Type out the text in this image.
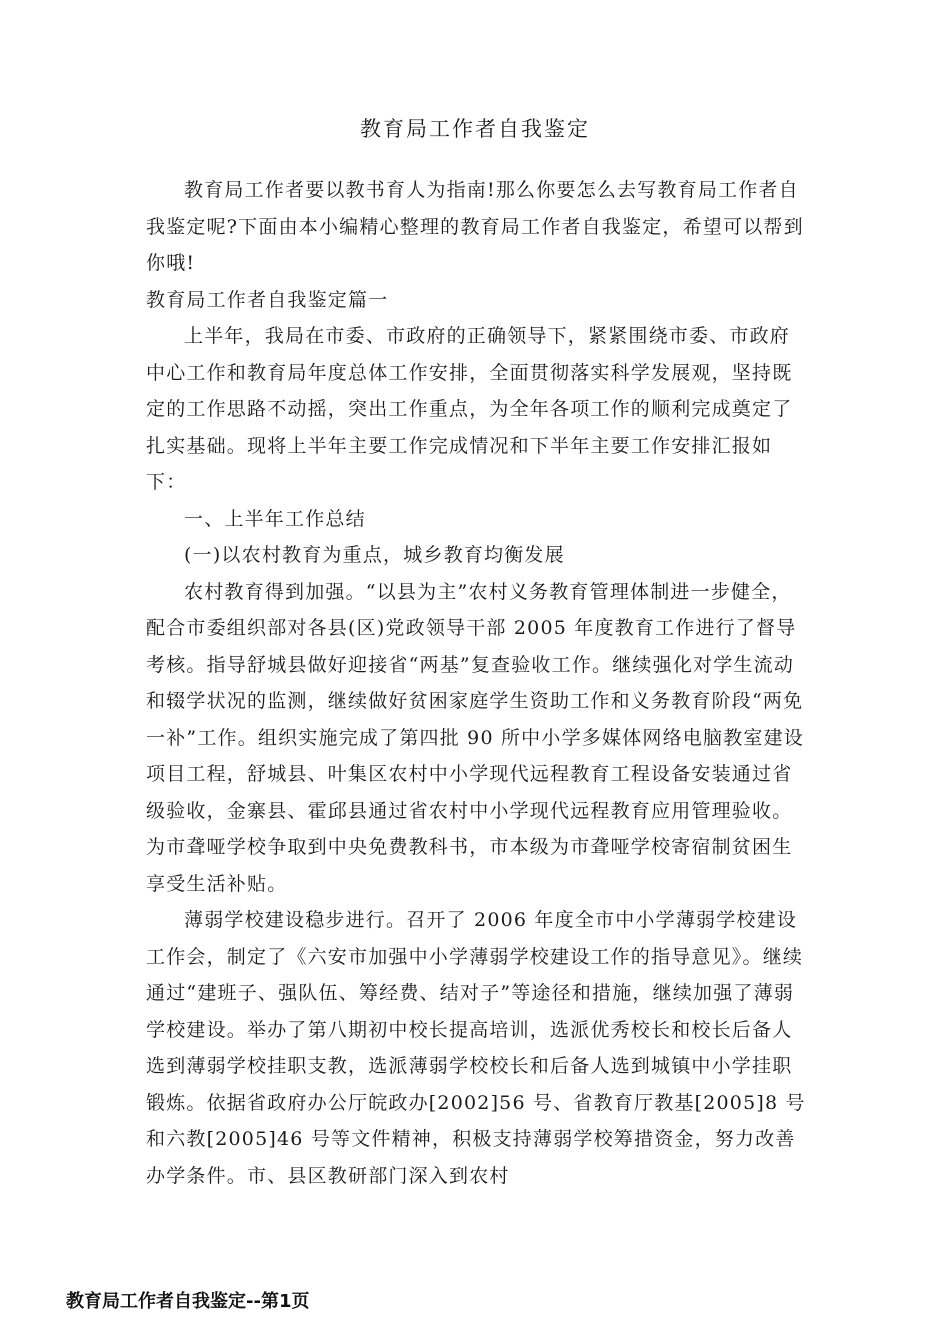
教育局工作者自我鉴定

教育局工作者要以教书育人为指南!那么你要怎么去写教育局工作者自我鉴定呢?下面由本小编精心整理的教育局工作者自我鉴定，希望可以帮到你哦!

教育局工作者自我鉴定篇一

上半年，我局在市委、市政府的正确领导下，紧紧围绕市委、市政府中心工作和教育局年度总体工作安排，全面贯彻落实科学发展观，坚持既定的工作思路不动摇，突出工作重点，为全年各项工作的顺利完成奠定了扎实基础。现将上半年主要工作完成情况和下半年主要工作安排汇报如下：

一、上半年工作总结

(一)以农村教育为重点，城乡教育均衡发展

农村教育得到加强。“以县为主”农村义务教育管理体制进一步健全，配合市委组织部对各县(区)党政领导干部 2005 年度教育工作进行了督导考核。指导舒城县做好迎接省“两基”复查验收工作。继续强化对学生流动和辍学状况的监测，继续做好贫困家庭学生资助工作和义务教育阶段“两免一补”工作。组织实施完成了第四批 90 所中小学多媒体网络电脑教室建设项目工程，舒城县、叶集区农村中小学现代远程教育工程设备安装通过省级验收，金寨县、霍邱县通过省农村中小学现代远程教育应用管理验收。为市聋哑学校争取到中央免费教科书，市本级为市聋哑学校寄宿制贫困生享受生活补贴。

薄弱学校建设稳步进行。召开了 2006 年度全市中小学薄弱学校建设工作会，制定了《六安市加强中小学薄弱学校建设工作的指导意见》。继续通过“建班子、强队伍、筹经费、结对子”等途径和措施，继续加强了薄弱学校建设。举办了第八期初中校长提高培训，选派优秀校长和校长后备人选到薄弱学校挂职支教，选派薄弱学校校长和后备人选到城镇中小学挂职锻炼。依据省政府办公厅皖政办[2002]56 号、省教育厅教基[2005]8 号和六教[2005]46 号等文件精神，积极支持薄弱学校筹措资金，努力改善办学条件。市、县区教研部门深入到农村

教育局工作者自我鉴定--第1页
